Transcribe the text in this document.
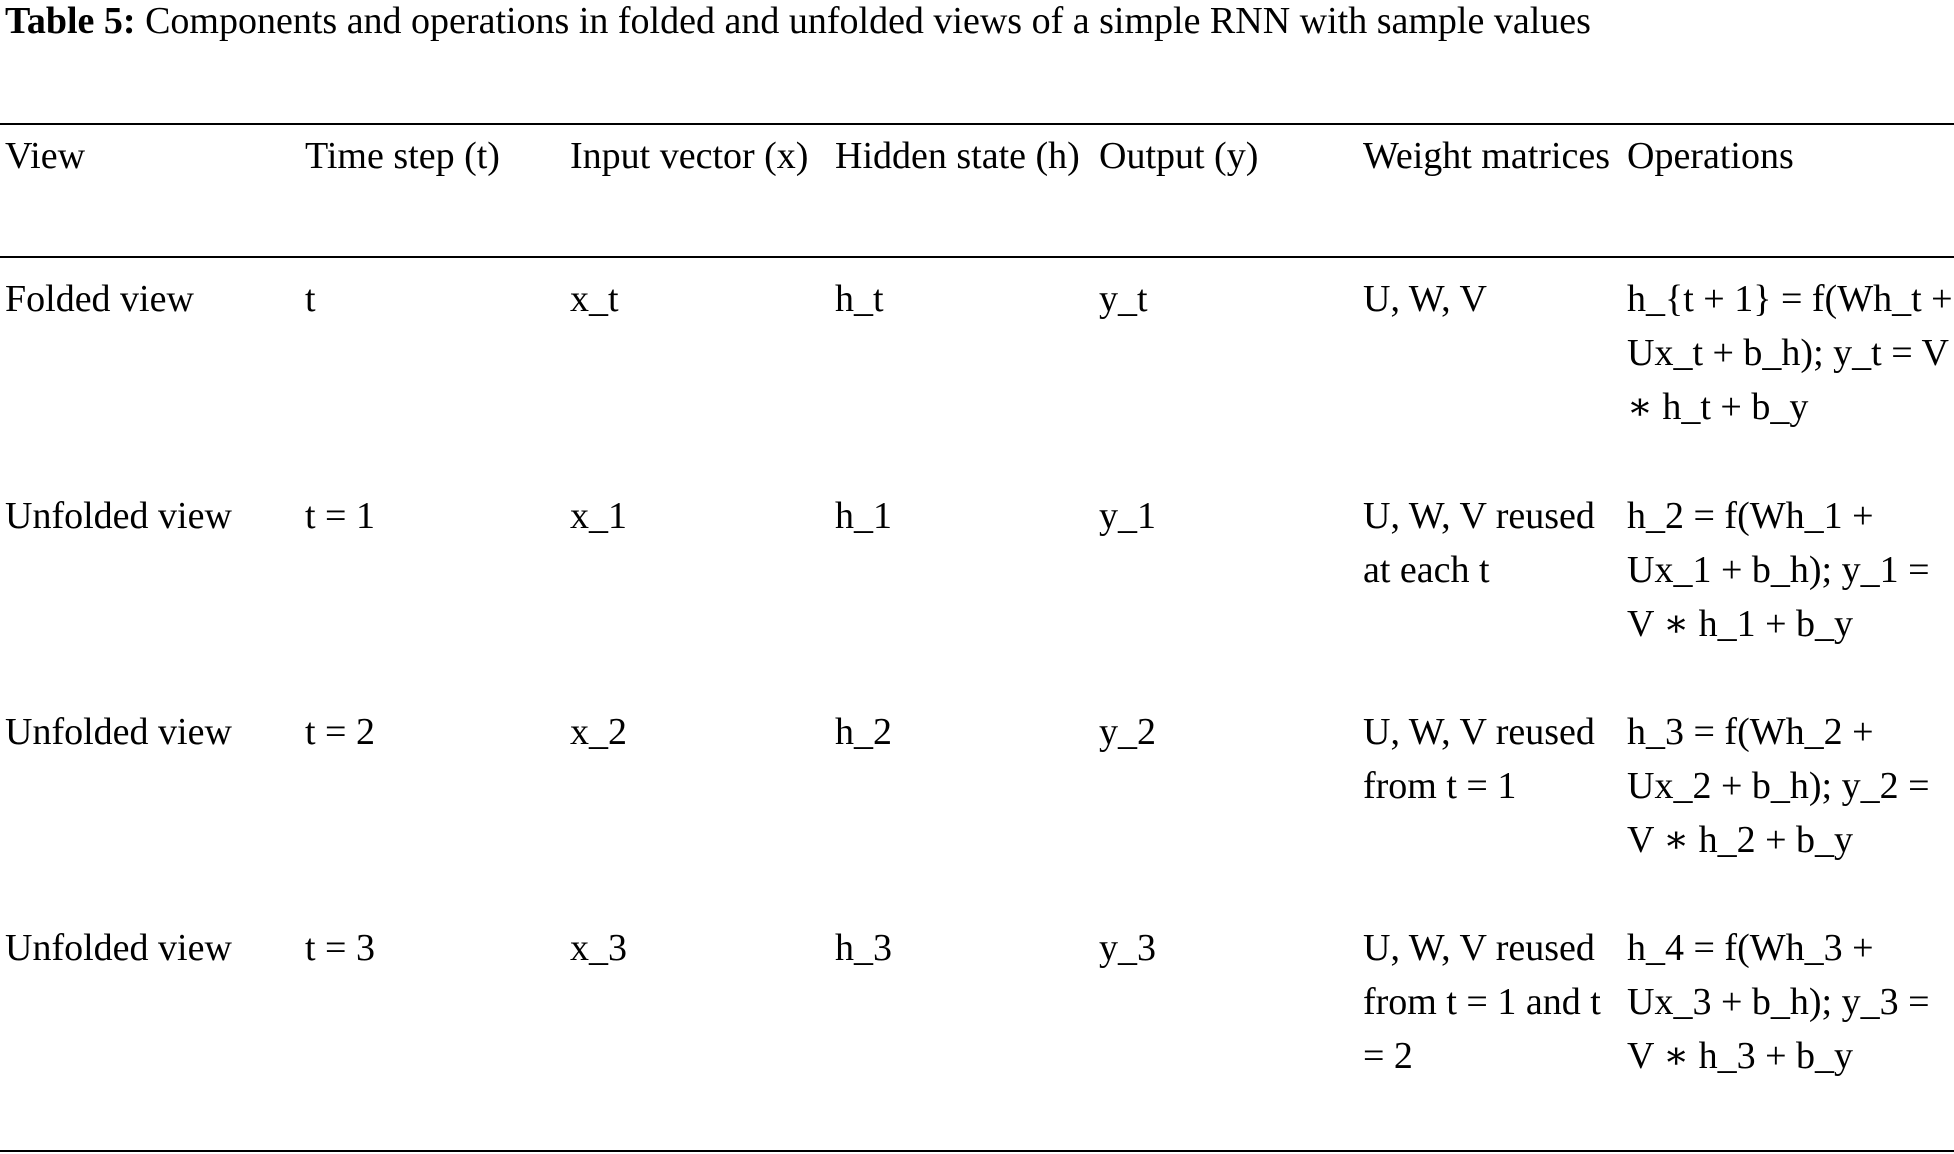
Table 5: Components and operations in folded and unfolded views of a simple RNN with sample values

View	Time step (t)	Input vector (x)	Hidden state (h)	Output (y)	Weight matrices	Operations
Folded view	t	x_t	h_t	y_t	U, W, V	h_{t + 1} = f(Wh_t + Ux_t + b_h); y_t = V ∗ h_t + b_y
Unfolded view	t = 1	x_1	h_1	y_1	U, W, V reused at each t	h_2 = f(Wh_1 + Ux_1 + b_h); y_1 = V ∗ h_1 + b_y
Unfolded view	t = 2	x_2	h_2	y_2	U, W, V reused from t = 1	h_3 = f(Wh_2 + Ux_2 + b_h); y_2 = V ∗ h_2 + b_y
Unfolded view	t = 3	x_3	h_3	y_3	U, W, V reused from t = 1 and t = 2	h_4 = f(Wh_3 + Ux_3 + b_h); y_3 = V ∗ h_3 + b_y
